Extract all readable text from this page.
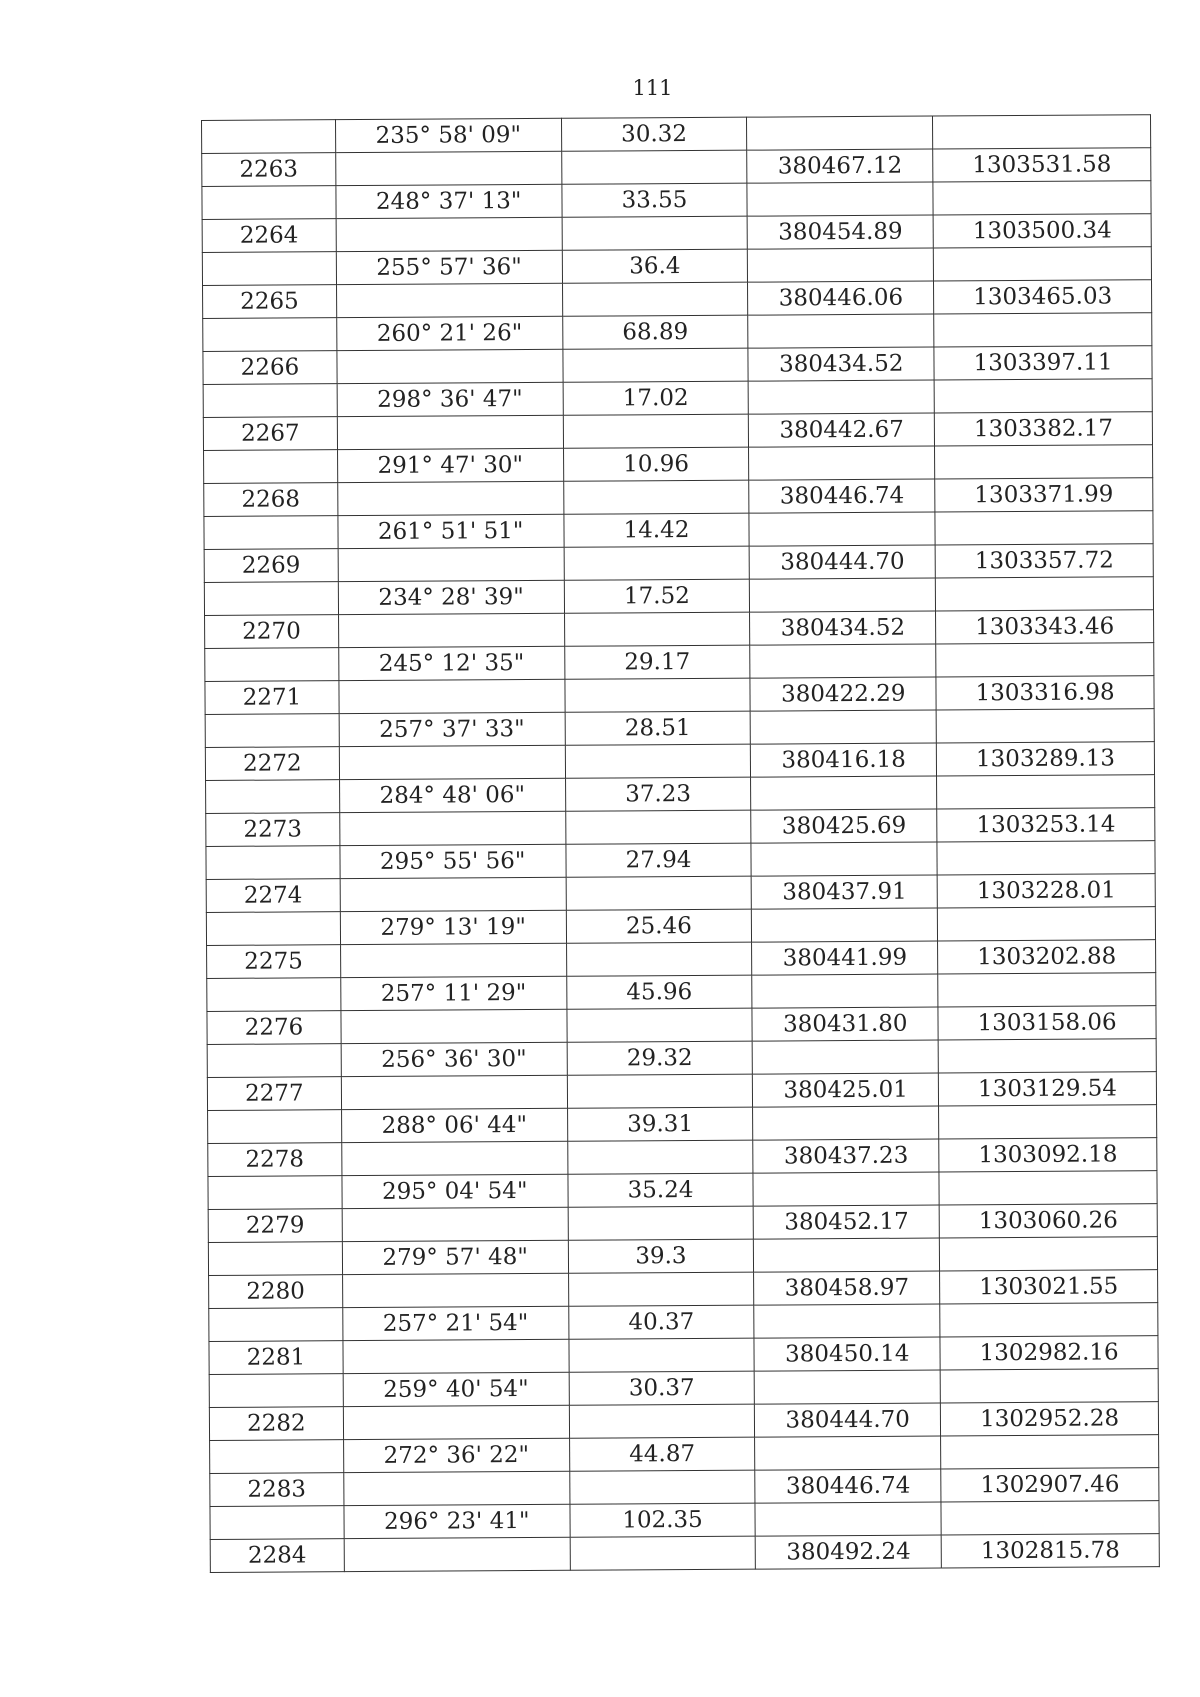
111
	235° 58' 09"	30.32		
2263			380467.12	1303531.58
	248° 37' 13"	33.55		
2264			380454.89	1303500.34
	255° 57' 36"	36.4		
2265			380446.06	1303465.03
	260° 21' 26"	68.89		
2266			380434.52	1303397.11
	298° 36' 47"	17.02		
2267			380442.67	1303382.17
	291° 47' 30"	10.96		
2268			380446.74	1303371.99
	261° 51' 51"	14.42		
2269			380444.70	1303357.72
	234° 28' 39"	17.52		
2270			380434.52	1303343.46
	245° 12' 35"	29.17		
2271			380422.29	1303316.98
	257° 37' 33"	28.51		
2272			380416.18	1303289.13
	284° 48' 06"	37.23		
2273			380425.69	1303253.14
	295° 55' 56"	27.94		
2274			380437.91	1303228.01
	279° 13' 19"	25.46		
2275			380441.99	1303202.88
	257° 11' 29"	45.96		
2276			380431.80	1303158.06
	256° 36' 30"	29.32		
2277			380425.01	1303129.54
	288° 06' 44"	39.31		
2278			380437.23	1303092.18
	295° 04' 54"	35.24		
2279			380452.17	1303060.26
	279° 57' 48"	39.3		
2280			380458.97	1303021.55
	257° 21' 54"	40.37		
2281			380450.14	1302982.16
	259° 40' 54"	30.37		
2282			380444.70	1302952.28
	272° 36' 22"	44.87		
2283			380446.74	1302907.46
	296° 23' 41"	102.35		
2284			380492.24	1302815.78
